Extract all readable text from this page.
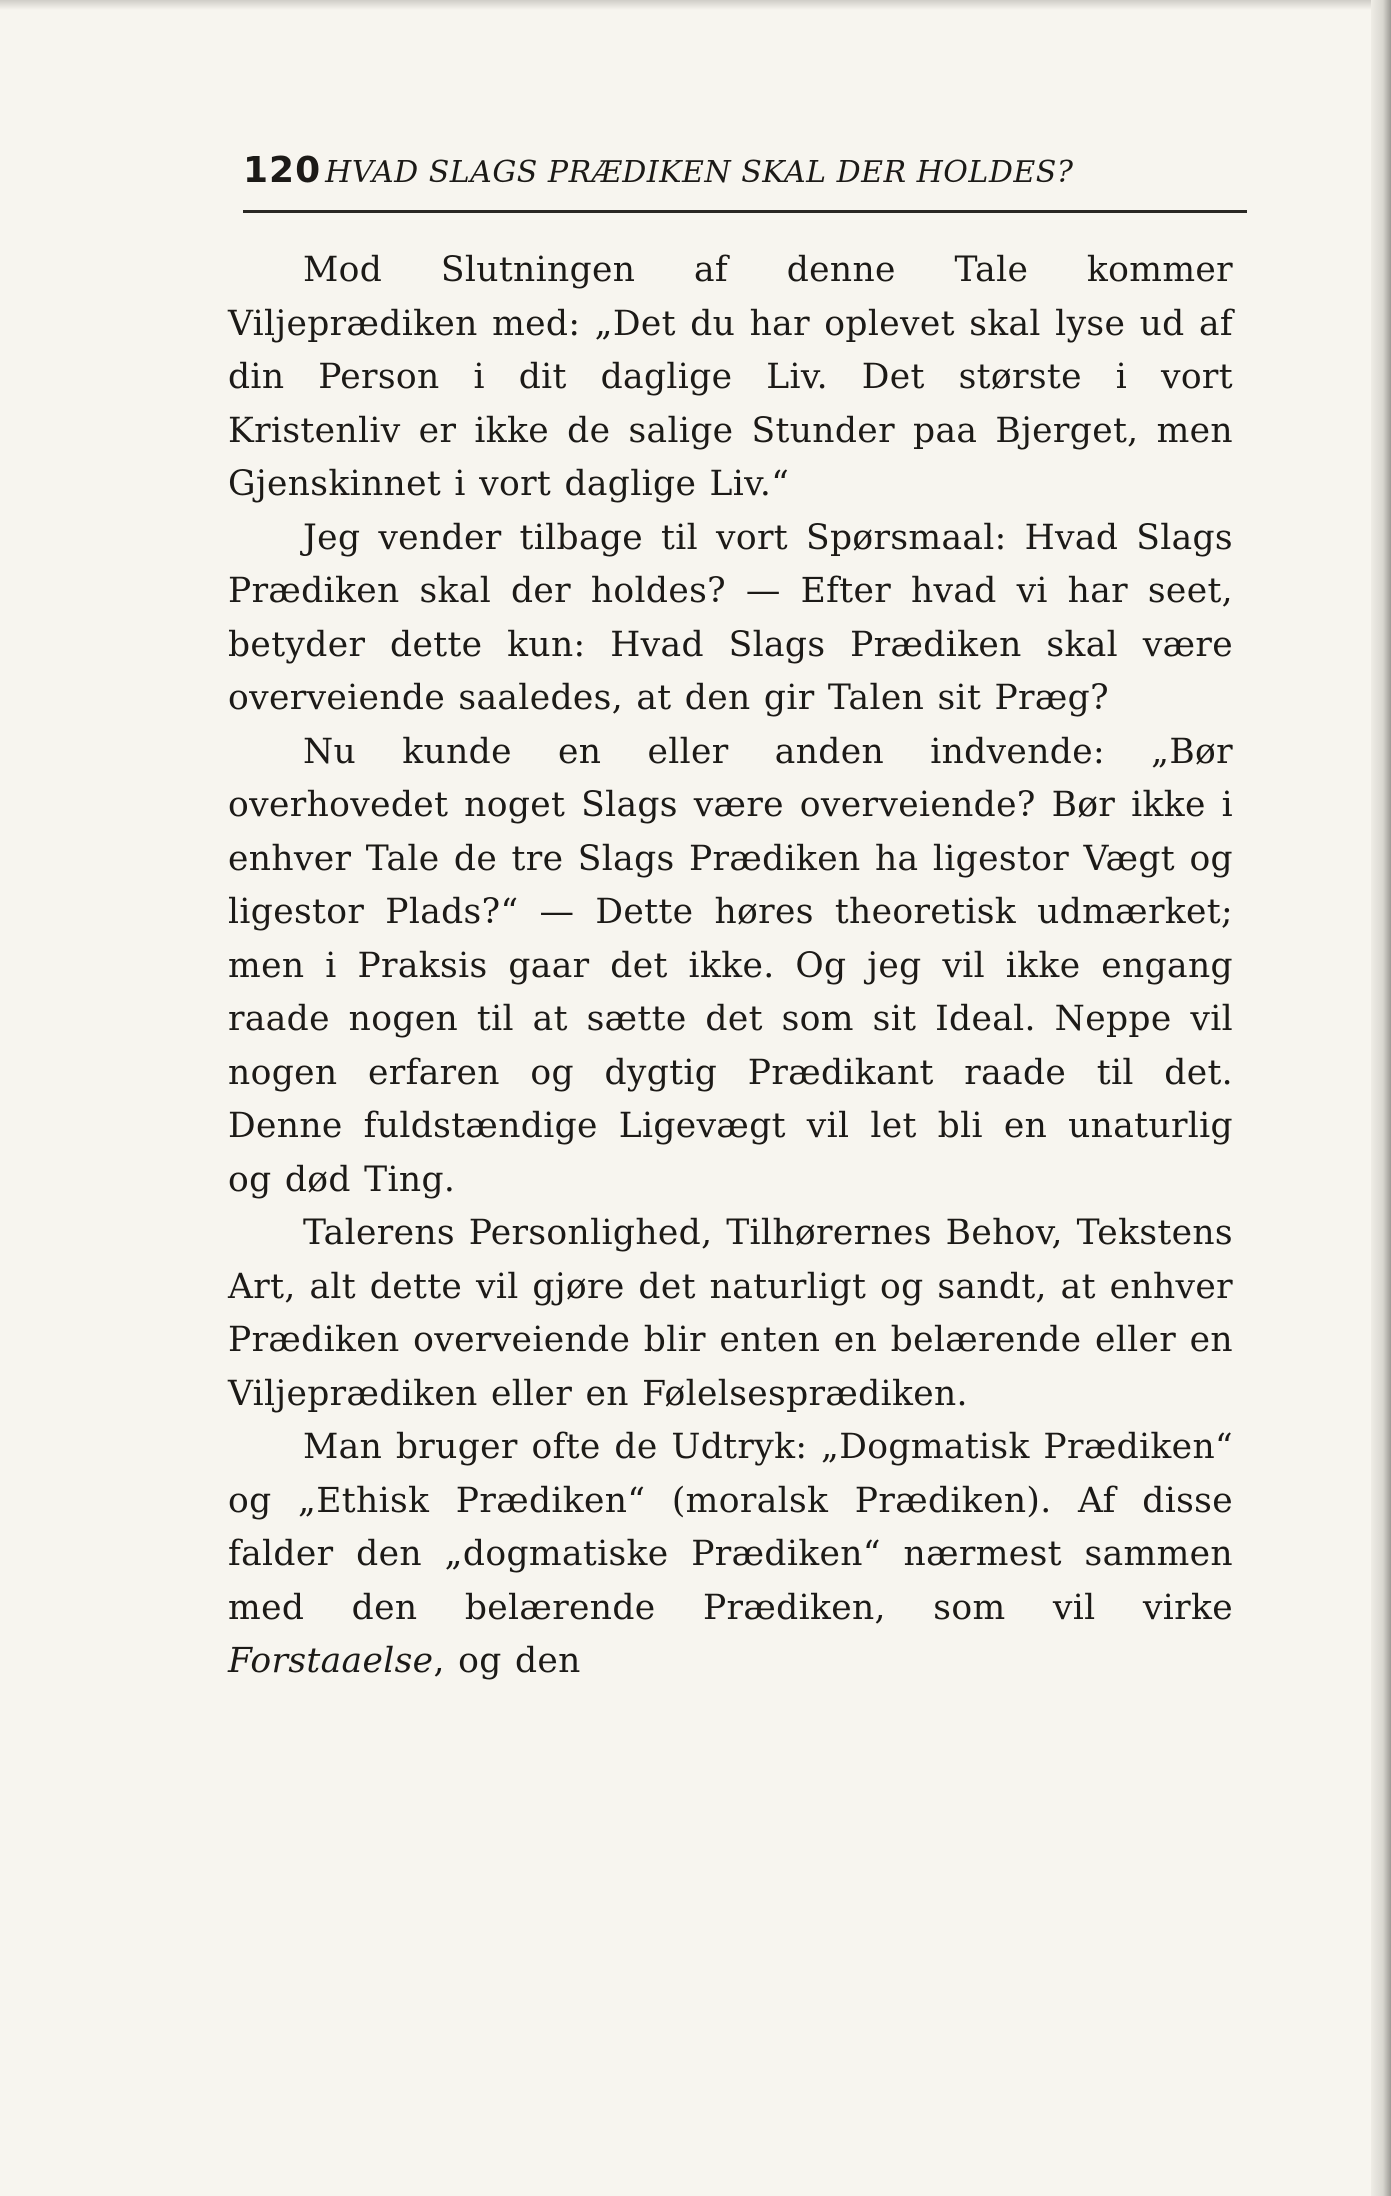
120 HVAD SLAGS PRÆDIKEN SKAL DER HOLDES?

Mod Slutningen af denne Tale kommer Viljeprædiken med: „Det du har oplevet skal lyse ud af din Person i dit daglige Liv. Det største i vort Kristenliv er ikke de salige Stunder paa Bjerget, men Gjenskinnet i vort daglige Liv.“

Jeg vender tilbage til vort Spørsmaal: Hvad Slags Prædiken skal der holdes? — Efter hvad vi har seet, betyder dette kun: Hvad Slags Prædiken skal være overveiende saaledes, at den gir Talen sit Præg?

Nu kunde en eller anden indvende: „Bør overhovedet noget Slags være overveiende? Bør ikke i enhver Tale de tre Slags Prædiken ha ligestor Vægt og ligestor Plads?“ — Dette høres theoretisk udmærket; men i Praksis gaar det ikke. Og jeg vil ikke engang raade nogen til at sætte det som sit Ideal. Neppe vil nogen erfaren og dygtig Prædikant raade til det. Denne fuldstændige Ligevægt vil let bli en unaturlig og død Ting.

Talerens Personlighed, Tilhørernes Behov, Tekstens Art, alt dette vil gjøre det naturligt og sandt, at enhver Prædiken overveiende blir enten en belærende eller en Viljeprædiken eller en Følelsesprædiken.

Man bruger ofte de Udtryk: „Dogmatisk Prædiken“ og „Ethisk Prædiken“ (moralsk Prædiken). Af disse falder den „dogmatiske Prædiken“ nærmest sammen med den belærende Prædiken, som vil virke Forstaaelse, og den
